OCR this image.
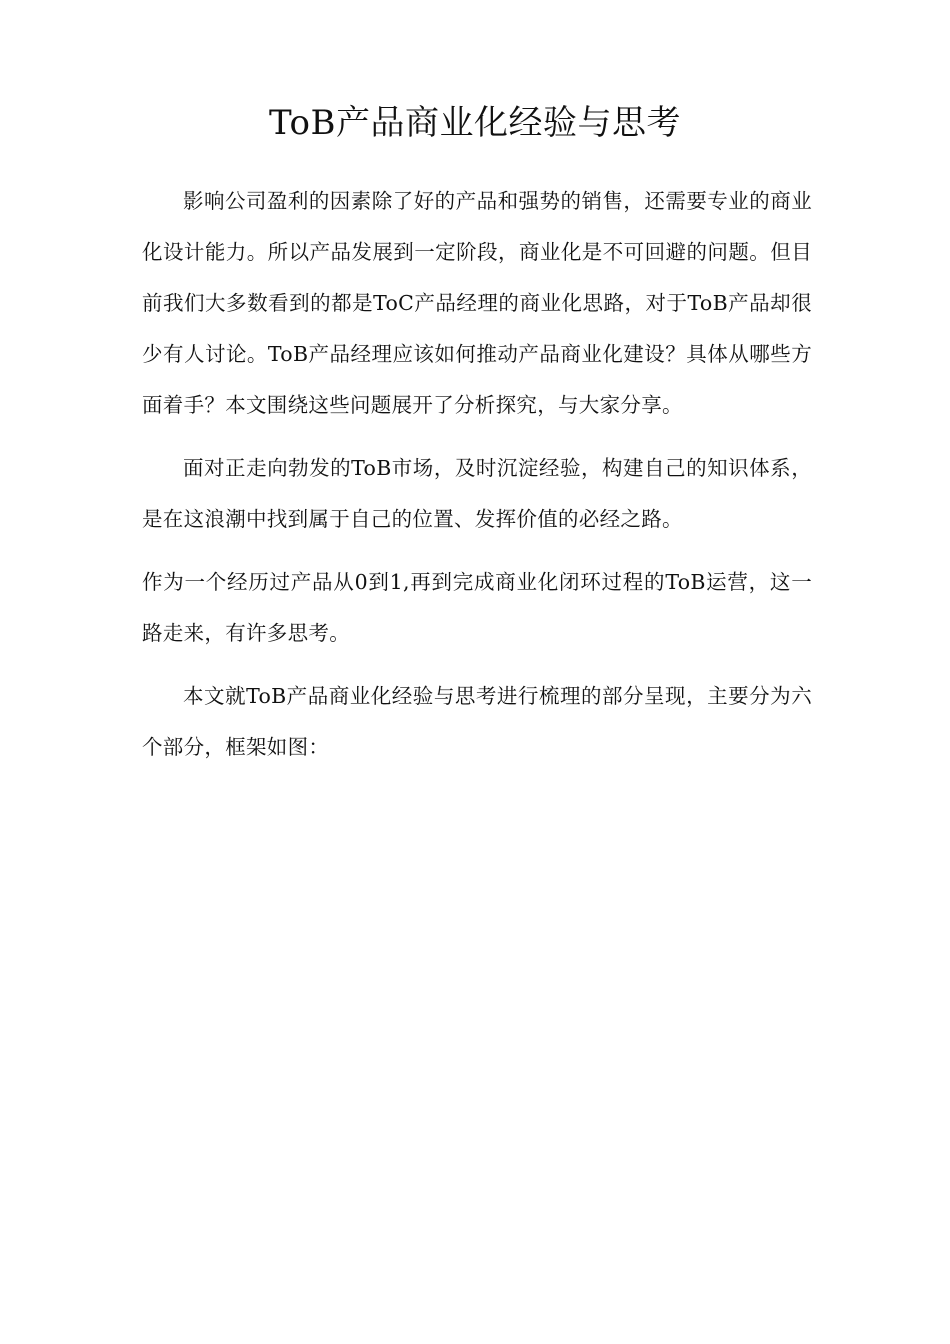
ToB产品商业化经验与思考

影响公司盈利的因素除了好的产品和强势的销售，还需要专业的商业化设计能力。所以产品发展到一定阶段，商业化是不可回避的问题。但目前我们大多数看到的都是ToC产品经理的商业化思路，对于ToB产品却很少有人讨论。ToB产品经理应该如何推动产品商业化建设？具体从哪些方面着手？本文围绕这些问题展开了分析探究，与大家分享。

面对正走向勃发的ToB市场，及时沉淀经验，构建自己的知识体系，是在这浪潮中找到属于自己的位置、发挥价值的必经之路。

作为一个经历过产品从0到1,再到完成商业化闭环过程的ToB运营，这一路走来，有许多思考。

本文就ToB产品商业化经验与思考进行梳理的部分呈现，主要分为六个部分，框架如图：
